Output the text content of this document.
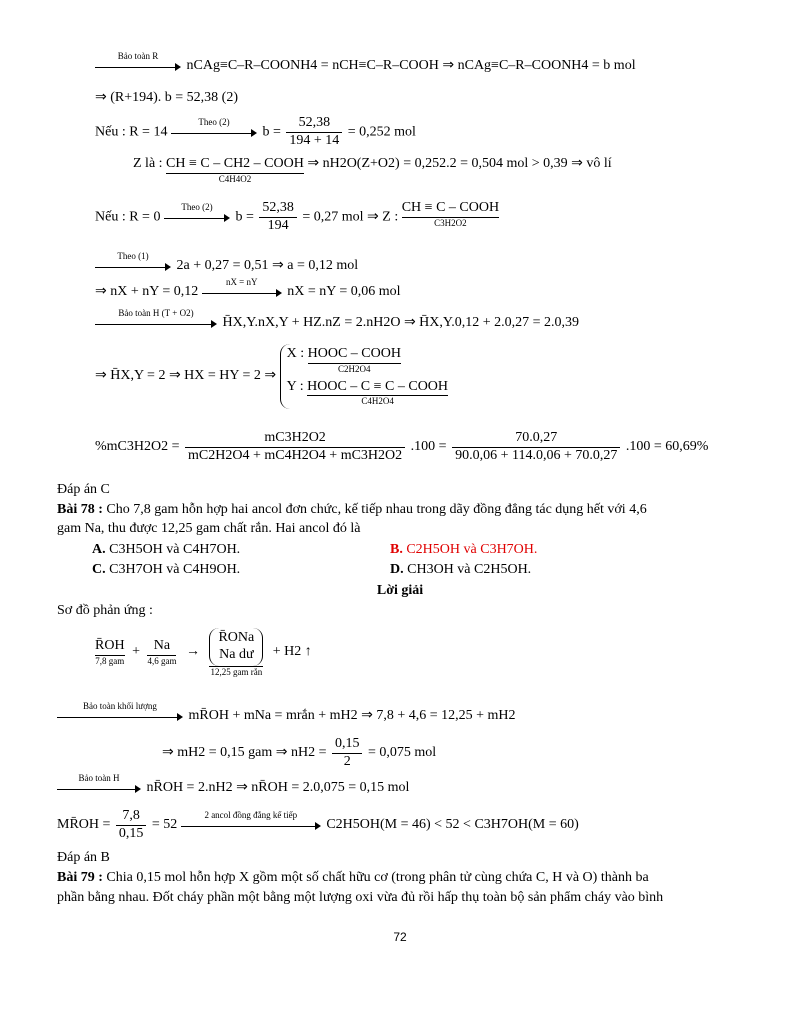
Bảo toàn R
nCAg≡C–R–COONH4 = nCH≡C–R–COOH ⇒ nCAg≡C–R–COONH4 = b mol
⇒ (R+194). b = 52,38 (2)
Nếu : R = 14
Theo (2)
$b = \frac{52,38}{194 + 14} = 0,252$ mol
Z là : CH ≡ C – CH2 – COOH
C4H4O2
⇒ nH2O(Z+O2) = 0,252.2 = 0,504 mol > 0,39 ⇒ vô lí
Nếu : R = 0
Theo (2)
$b = \frac{52,38}{194} = 0,27$ mol ⇒ Z :
CH ≡ C – COOH
C3H2O2
Theo (1)
2a + 0,27 = 0,51 ⇒ a = 0,12 mol
⇒ nX + nY = 0,12
nX = nY
nX = nY = 0,06 mol
Bảo toàn H (T + O2)
H̄X,Y.nX,Y + HZ.nZ = 2.nH2O ⇒ H̄X,Y.0,12 + 2.0,27 = 2.0,39
⇒ H̄X,Y = 2 ⇒ HX = HY = 2 ⇒
X : HOOC – COOH
C2H2O4
Y : HOOC – C ≡ C – COOH
C4H2O4
$\%mC3H2O2 = \frac{mC3H2O2}{mC2H2O4 + mC4H2O4 + mC3H2O2} .100 = \frac{70.0,27}{90.0,06 + 114.0,06 + 70.0,27} .100 = 60,69\%$
Đáp án C
Bài 78 : Cho 7,8 gam hỗn hợp hai ancol đơn chức, kế tiếp nhau trong dãy đồng đẳng tác dụng hết với 4,6
gam Na, thu được 12,25 gam chất rắn. Hai ancol đó là
A. C3H5OH và C4H7OH.	B. C2H5OH và C3H7OH.
C. C3H7OH và C4H9OH.	D. CH3OH và C2H5OH.
Lời giải
Sơ đồ phản ứng :
R̄OH
7,8 gam
+ Na
4,6 gam
→
R̄ONa
Na dư
12,25 gam rắn
+ H2 ↑
Bảo toàn khối lượng
mR̄OH + mNa = mrắn + mH2 ⇒ 7,8 + 4,6 = 12,25 + mH2
⇒ mH2 = 0,15 gam ⇒ $nH2 = \frac{0,15}{2} = 0,075$ mol
Bảo toàn H
nR̄OH = 2.nH2 ⇒ nR̄OH = 2.0,075 = 0,15 mol
MR̄OH = $\frac{7,8}{0,15} = 52$
2 ancol đồng đẳng kế tiếp
C2H5OH(M = 46) < 52 < C3H7OH(M = 60)
Đáp án B
Bài 79 : Chia 0,15 mol hỗn hợp X gồm một số chất hữu cơ (trong phân tử cùng chứa C, H và O) thành ba
phần bằng nhau. Đốt cháy phần một bằng một lượng oxi vừa đủ rồi hấp thụ toàn bộ sản phẩm cháy vào bình
72
